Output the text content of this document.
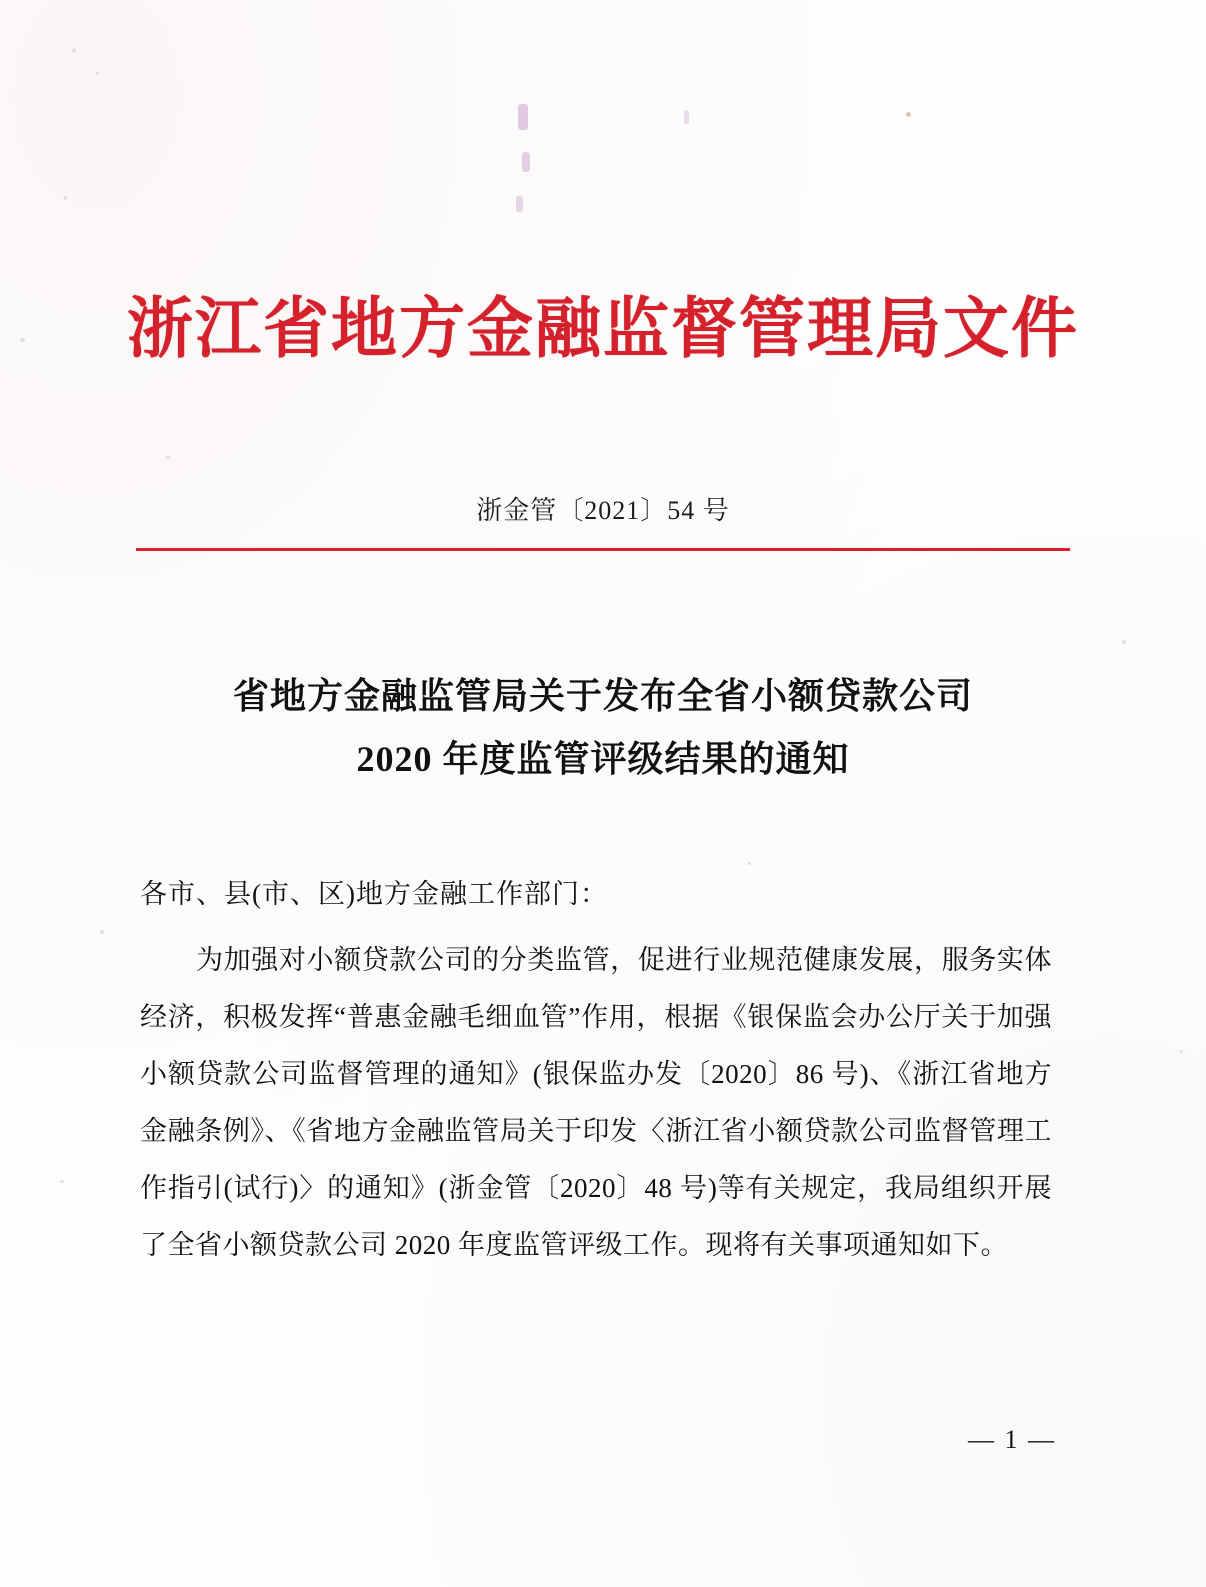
浙江省地方金融监督管理局文件
浙金管〔2021〕54 号
省地方金融监管局关于发布全省小额贷款公司
2020 年度监管评级结果的通知
各市、县(市、区)地方金融工作部门：
为加强对小额贷款公司的分类监管，促进行业规范健康发展，服务实体经济，积极发挥“普惠金融毛细血管”作用，根据《银保监会办公厅关于加强小额贷款公司监督管理的通知》(银保监办发〔2020〕86 号)、《浙江省地方金融条例》、《省地方金融监管局关于印发〈浙江省小额贷款公司监督管理工作指引(试行)〉的通知》(浙金管〔2020〕48 号)等有关规定，我局组织开展了全省小额贷款公司 2020 年度监管评级工作。现将有关事项通知如下。
— 1 —
